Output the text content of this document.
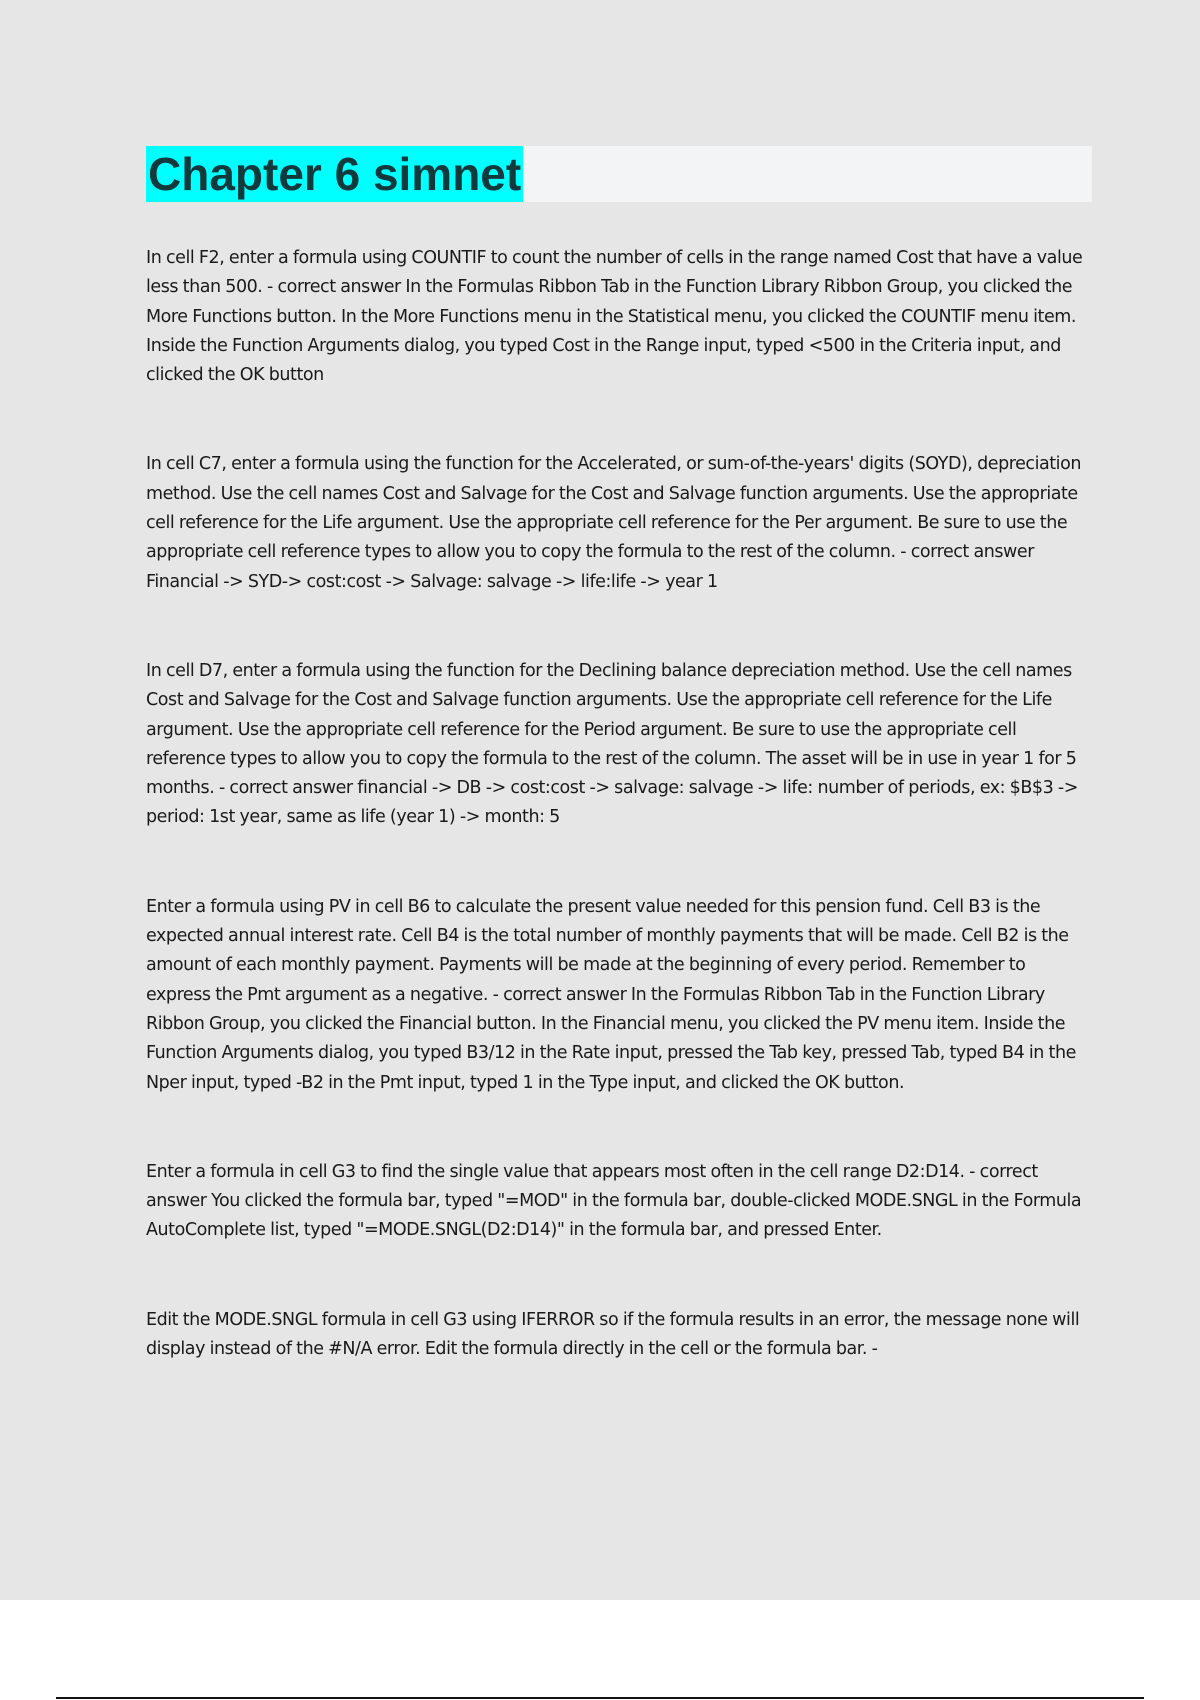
Chapter 6 simnet

In cell F2, enter a formula using COUNTIF to count the number of cells in the range named Cost that have a value less than 500. - correct answer In the Formulas Ribbon Tab in the Function Library Ribbon Group, you clicked the More Functions button. In the More Functions menu in the Statistical menu, you clicked the COUNTIF menu item. Inside the Function Arguments dialog, you typed Cost in the Range input, typed <500 in the Criteria input, and clicked the OK button

In cell C7, enter a formula using the function for the Accelerated, or sum-of-the-years' digits (SOYD), depreciation method. Use the cell names Cost and Salvage for the Cost and Salvage function arguments. Use the appropriate cell reference for the Life argument. Use the appropriate cell reference for the Per argument. Be sure to use the appropriate cell reference types to allow you to copy the formula to the rest of the column. - correct answer Financial -> SYD-> cost:cost -> Salvage: salvage -> life:life -> year 1

In cell D7, enter a formula using the function for the Declining balance depreciation method. Use the cell names Cost and Salvage for the Cost and Salvage function arguments. Use the appropriate cell reference for the Life argument. Use the appropriate cell reference for the Period argument. Be sure to use the appropriate cell reference types to allow you to copy the formula to the rest of the column. The asset will be in use in year 1 for 5 months. - correct answer financial -> DB -> cost:cost -> salvage: salvage -> life: number of periods, ex: $B$3 -> period: 1st year, same as life (year 1) -> month: 5

Enter a formula using PV in cell B6 to calculate the present value needed for this pension fund. Cell B3 is the expected annual interest rate. Cell B4 is the total number of monthly payments that will be made. Cell B2 is the amount of each monthly payment. Payments will be made at the beginning of every period. Remember to express the Pmt argument as a negative. - correct answer In the Formulas Ribbon Tab in the Function Library Ribbon Group, you clicked the Financial button. In the Financial menu, you clicked the PV menu item. Inside the Function Arguments dialog, you typed B3/12 in the Rate input, pressed the Tab key, pressed Tab, typed B4 in the Nper input, typed -B2 in the Pmt input, typed 1 in the Type input, and clicked the OK button.

Enter a formula in cell G3 to find the single value that appears most often in the cell range D2:D14. - correct answer You clicked the formula bar, typed "=MOD" in the formula bar, double-clicked MODE.SNGL in the Formula AutoComplete list, typed "=MODE.SNGL(D2:D14)" in the formula bar, and pressed Enter.

Edit the MODE.SNGL formula in cell G3 using IFERROR so if the formula results in an error, the message none will display instead of the #N/A error. Edit the formula directly in the cell or the formula bar. -
